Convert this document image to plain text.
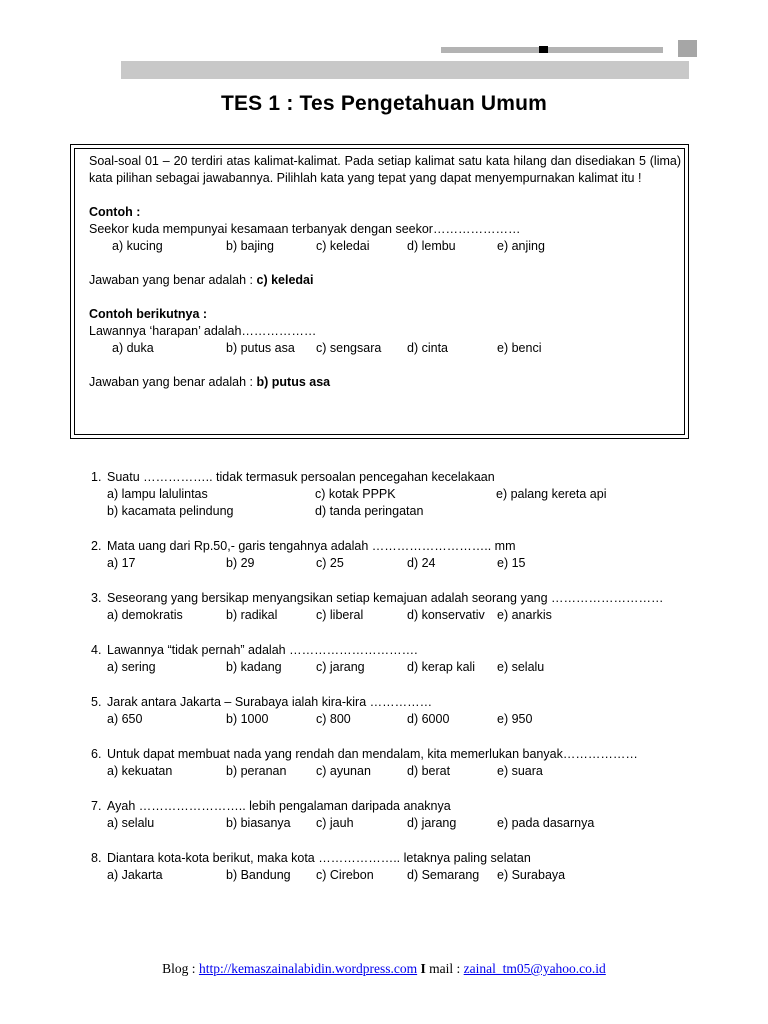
TES 1 : Tes Pengetahuan Umum
Soal-soal 01 – 20 terdiri atas kalimat-kalimat. Pada setiap kalimat satu kata hilang dan disediakan 5 (lima) kata pilihan sebagai jawabannya. Pilihlah kata yang tepat yang dapat menyempurnakan kalimat itu !
Contoh :
Seekor kuda mempunyai kesamaan terbanyak dengan seekor…………………
a) kucing	b) bajing	c) keledai	d) lembu	e) anjing
Jawaban yang benar adalah : c) keledai
Contoh berikutnya :
Lawannya ‘harapan’ adalah………………
a) duka	b) putus asa c) sengsara d) cinta	e) benci
Jawaban yang benar adalah : b) putus asa
1. Suatu …………….. tidak termasuk persoalan pencegahan kecelakaan
a) lampu lalulintas	c) kotak PPPK	e) palang kereta api
b) kacamata pelindung	d) tanda peringatan
2. Mata uang dari Rp.50,- garis tengahnya adalah ……………………….. mm
a) 17	b) 29	c) 25	d) 24	e) 15
3. Seseorang yang bersikap menyangsikan setiap kemajuan adalah seorang yang ………………………
a) demokratis	b) radikal	c) liberal	d) konservativ e) anarkis
4. Lawannya “tidak pernah” adalah ………………………….
a) sering	b) kadang	c) jarang	d) kerap kali e) selalu
5. Jarak antara Jakarta – Surabaya ialah kira-kira ……………
a) 650	b) 1000	c) 800	d) 6000	e) 950
6. Untuk dapat membuat nada yang rendah dan mendalam, kita memerlukan banyak………………
a) kekuatan	b) peranan c) ayunan	d) berat	e) suara
7. Ayah …………………….. lebih pengalaman daripada anaknya
a) selalu	b) biasanya c) jauh	d) jarang	e) pada dasarnya
8. Diantara kota-kota berikut, maka kota ……………….. letaknya paling selatan
a) Jakarta	b) Bandung c) Cirebon	d) Semarang e) Surabaya
Blog : http://kemaszainalabidin.wordpress.com I mail : zainal_tm05@yahoo.co.id
